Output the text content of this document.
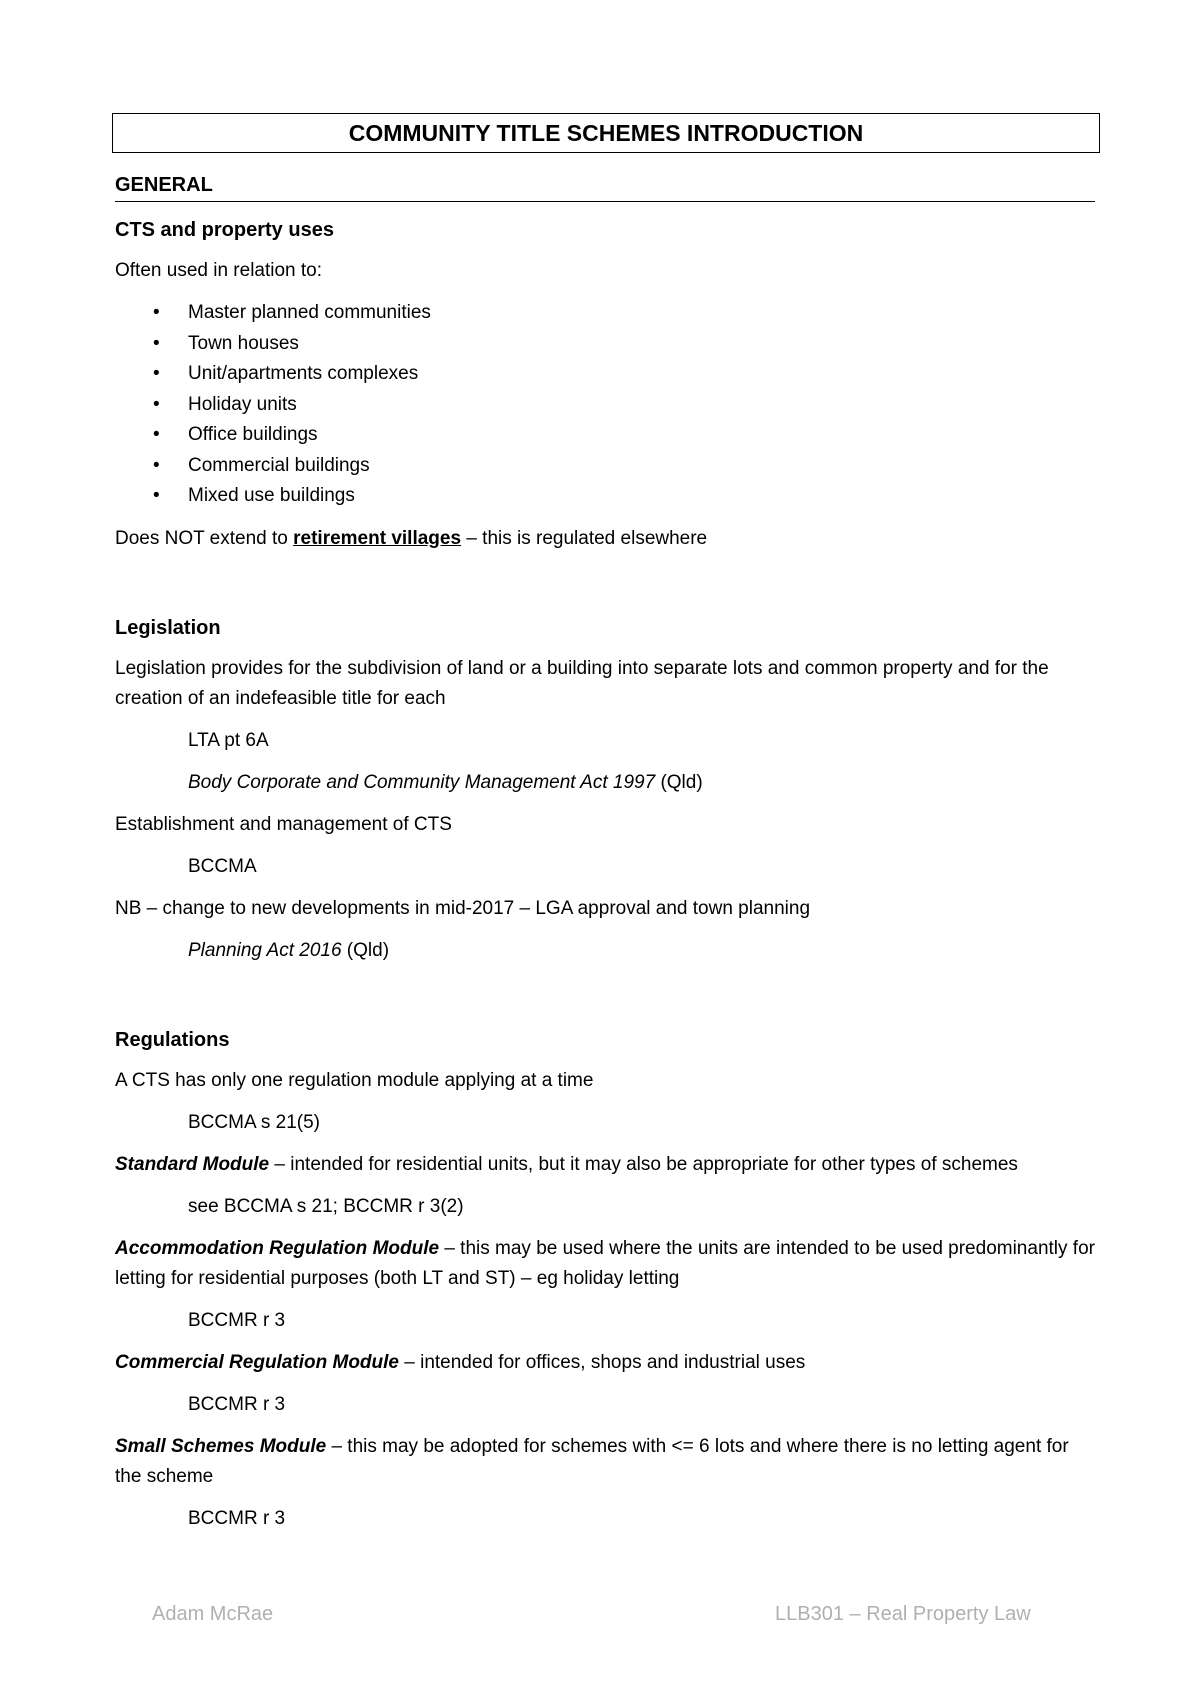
COMMUNITY TITLE SCHEMES INTRODUCTION
GENERAL
CTS and property uses

Often used in relation to:

• Master planned communities
• Town houses
• Unit/apartments complexes
• Holiday units
• Office buildings
• Commercial buildings
• Mixed use buildings

Does NOT extend to retirement villages – this is regulated elsewhere

Legislation

Legislation provides for the subdivision of land or a building into separate lots and common property and for the creation of an indefeasible title for each

LTA pt 6A

Body Corporate and Community Management Act 1997 (Qld)

Establishment and management of CTS

BCCMA

NB – change to new developments in mid-2017 – LGA approval and town planning

Planning Act 2016 (Qld)

Regulations

A CTS has only one regulation module applying at a time

BCCMA s 21(5)

Standard Module – intended for residential units, but it may also be appropriate for other types of schemes

see BCCMA s 21; BCCMR r 3(2)

Accommodation Regulation Module – this may be used where the units are intended to be used predominantly for letting for residential purposes (both LT and ST) – eg holiday letting

BCCMR r 3

Commercial Regulation Module – intended for offices, shops and industrial uses

BCCMR r 3

Small Schemes Module – this may be adopted for schemes with <= 6 lots and where there is no letting agent for the scheme

BCCMR r 3

Adam McRae	LLB301 – Real Property Law
